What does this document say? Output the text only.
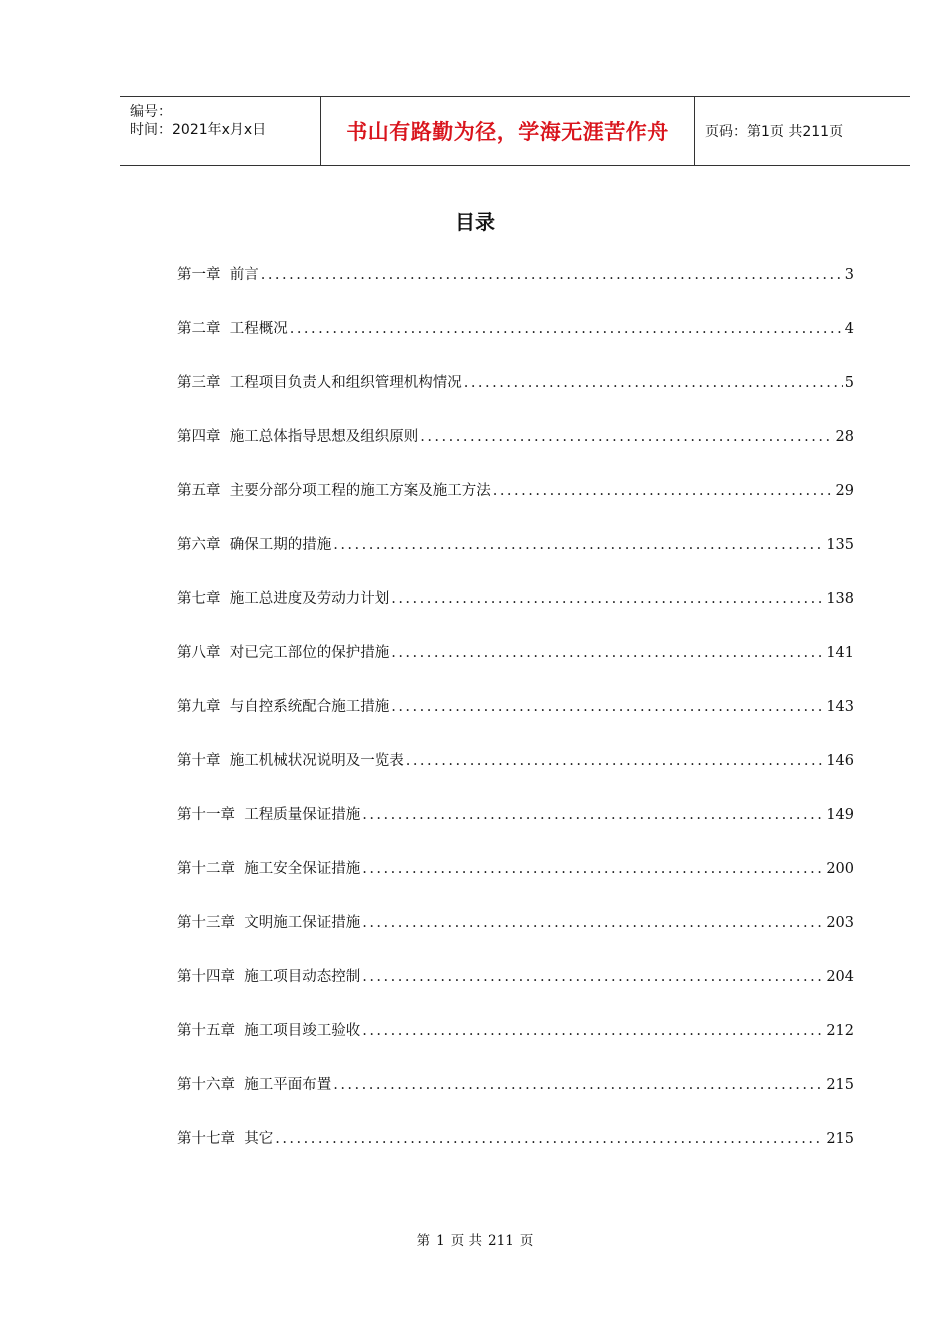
编号：
时间：2021年x月x日	书山有路勤为径，学海无涯苦作舟	页码：第1页 共211页
目录
第一章 前言 .....	3
第二章 工程概况 .....	4
第三章 工程项目负责人和组织管理机构情况 .....	5
第四章 施工总体指导思想及组织原则 .....	28
第五章 主要分部分项工程的施工方案及施工方法 .....	29
第六章 确保工期的措施 .....	135
第七章 施工总进度及劳动力计划 .....	138
第八章 对已完工部位的保护措施 .....	141
第九章 与自控系统配合施工措施 .....	143
第十章 施工机械状况说明及一览表 .....	146
第十一章 工程质量保证措施 .....	149
第十二章 施工安全保证措施 .....	200
第十三章 文明施工保证措施 .....	203
第十四章 施工项目动态控制 .....	204
第十五章 施工项目竣工验收 .....	212
第十六章 施工平面布置 .....	215
第十七章 其它 .....	215
第 1 页 共 211 页
